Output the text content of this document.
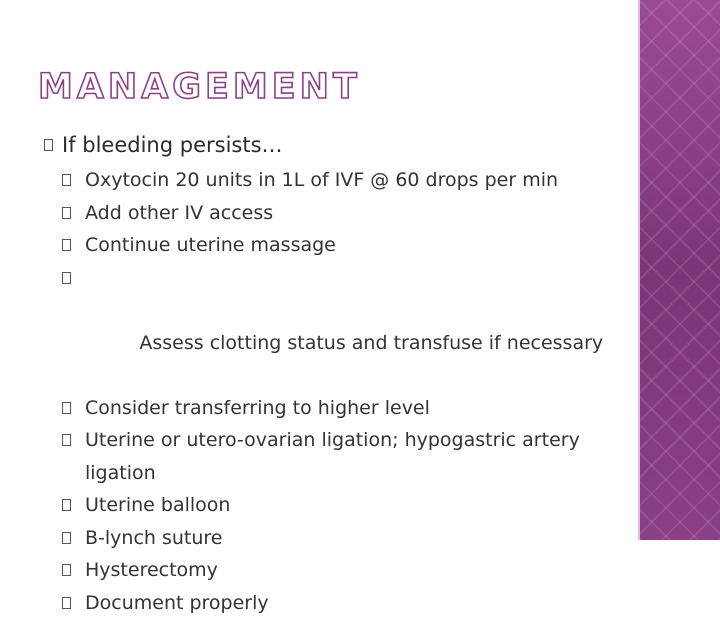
MANAGEMENT
If bleeding persists…
Oxytocin 20 units in 1L of IVF @ 60 drops per min
Add other IV access
Continue uterine massage

Assess clotting status and transfuse if necessary

Consider transferring to higher level
Uterine or utero-ovarian ligation; hypogastric artery ligation
Uterine balloon
B-lynch suture
Hysterectomy
Document properly
